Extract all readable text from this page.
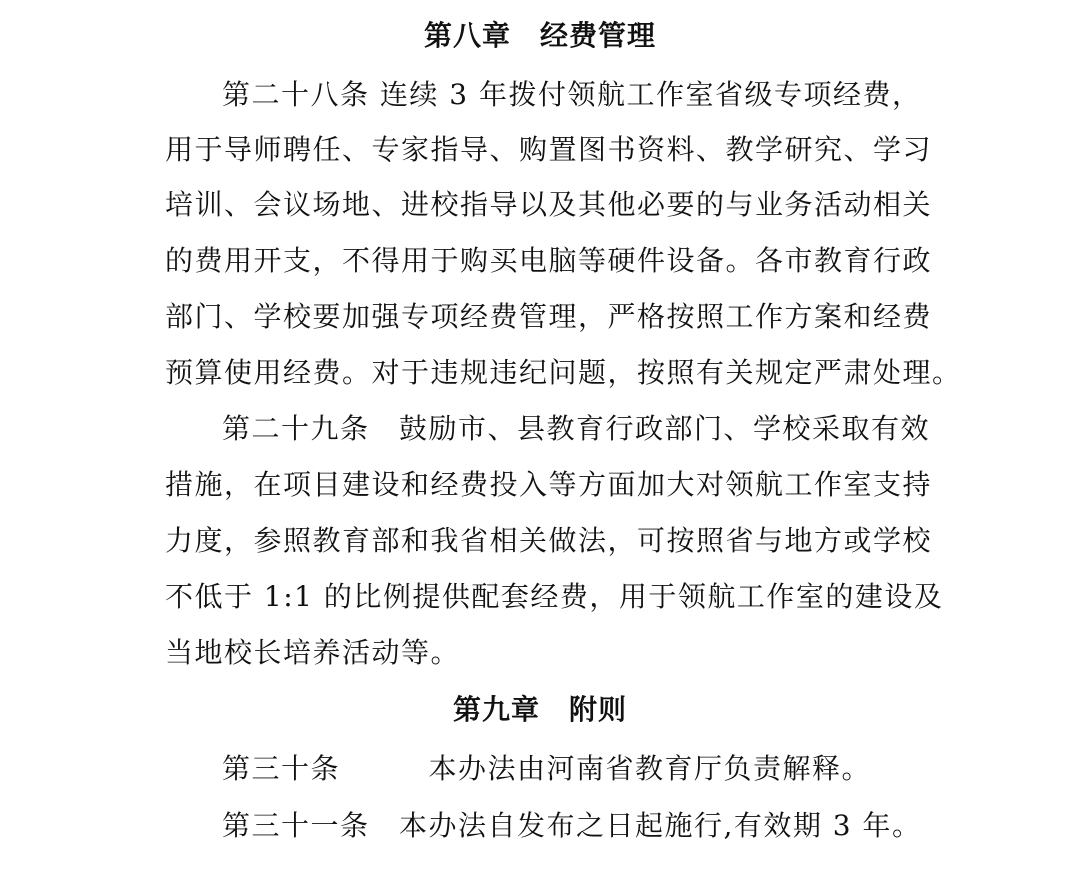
第八章　经费管理
第二十八条 连续 3 年拨付领航工作室省级专项经费，
用于导师聘任、专家指导、购置图书资料、教学研究、学习
培训、会议场地、进校指导以及其他必要的与业务活动相关
的费用开支，不得用于购买电脑等硬件设备。各市教育行政
部门、学校要加强专项经费管理，严格按照工作方案和经费
预算使用经费。对于违规违纪问题，按照有关规定严肃处理。
第二十九条　鼓励市、县教育行政部门、学校采取有效
措施，在项目建设和经费投入等方面加大对领航工作室支持
力度，参照教育部和我省相关做法，可按照省与地方或学校
不低于 1:1 的比例提供配套经费，用于领航工作室的建设及
当地校长培养活动等。
第九章　附则
第三十条　　　本办法由河南省教育厅负责解释。
第三十一条　本办法自发布之日起施行,有效期 3 年。
